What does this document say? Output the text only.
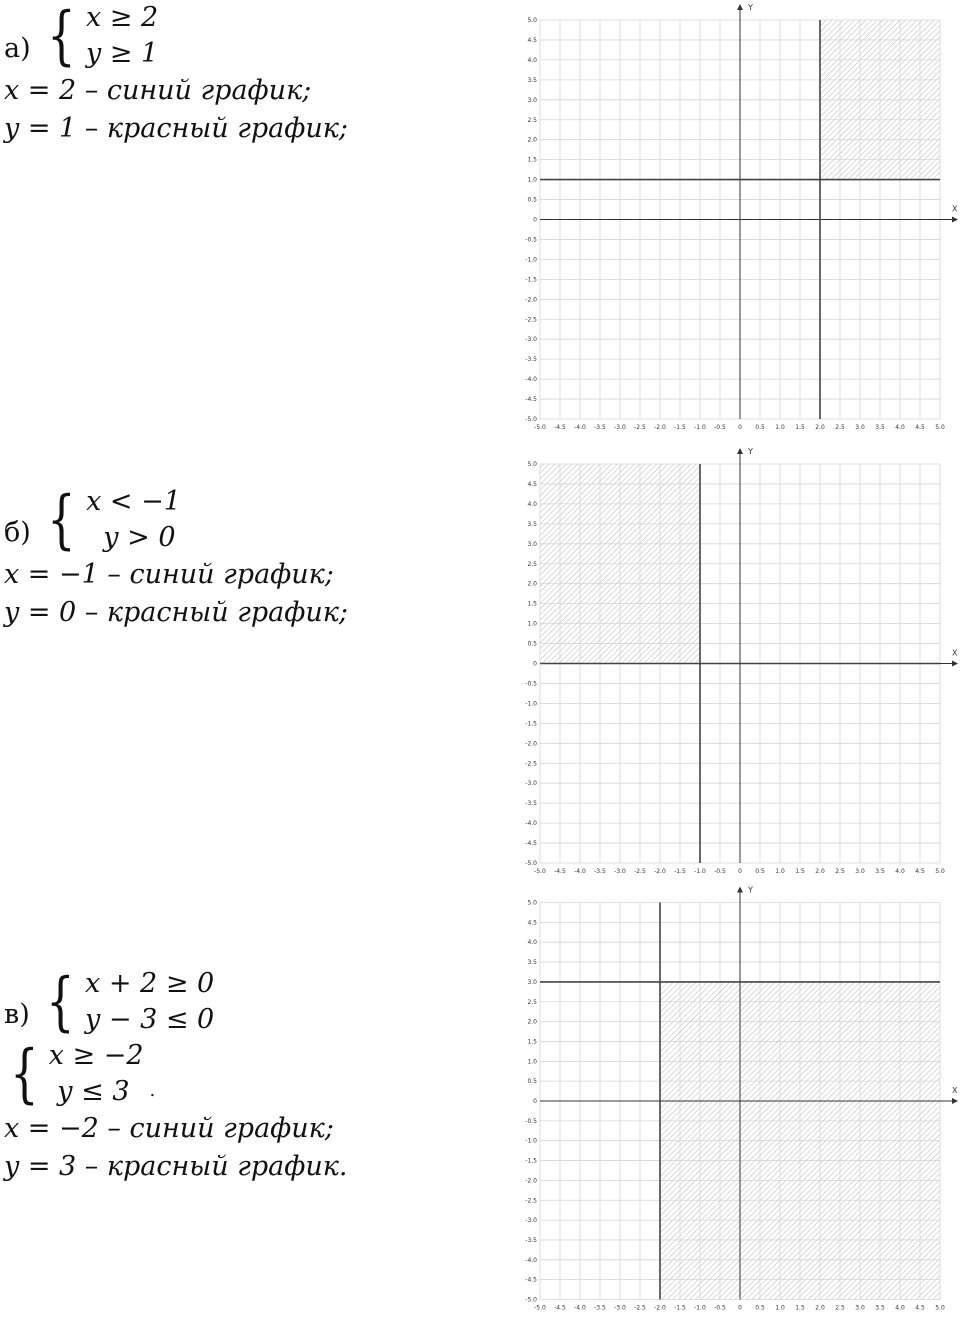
а) { x ≥ 2
y ≥ 1
x = 2 – синий график;
y = 1 – красный график;
б) { x < −1
y > 0
x = −1 – синий график;
y = 0 – красный график;
в) { x + 2 ≥ 0
y − 3 ≤ 0
{ x ≥ −2
y ≤ 3	.
x = −2 – синий график;
y = 3 – красный график.
X
Y
-5.0 -4.5 -4.0 -3.5 -3.0 -2.5 -2.0 -1.5 -1.0 -0.5 0 0.5 1.0 1.5 2.0 2.5 3.0 3.5 4.0 4.5 5.0
-5.0
-4.5
-4.0
-3.5
-3.0
-2.5
-2.0
-1.5
-1.0
-0.5
0
0.5
1.0
1.5
2.0
2.5
3.0
3.5
4.0
4.5
5.0
X
Y
-5.0 -4.5 -4.0 -3.5 -3.0 -2.5 -2.0 -1.5 -1.0 -0.5 0 0.5 1.0 1.5 2.0 2.5 3.0 3.5 4.0 4.5 5.0
-5.0
-4.5
-4.0
-3.5
-3.0
-2.5
-2.0
-1.5
-1.0
-0.5
0
0.5
1.0
1.5
2.0
2.5
3.0
3.5
4.0
4.5
5.0
X
Y
-5.0 -4.5 -4.0 -3.5 -3.0 -2.5 -2.0 -1.5 -1.0 -0.5 0 0.5 1.0 1.5 2.0 2.5 3.0 3.5 4.0 4.5 5.0
-5.0
-4.5
-4.0
-3.5
-3.0
-2.5
-2.0
-1.5
-1.0
-0.5
0
0.5
1.0
1.5
2.0
2.5
3.0
3.5
4.0
4.5
5.0
